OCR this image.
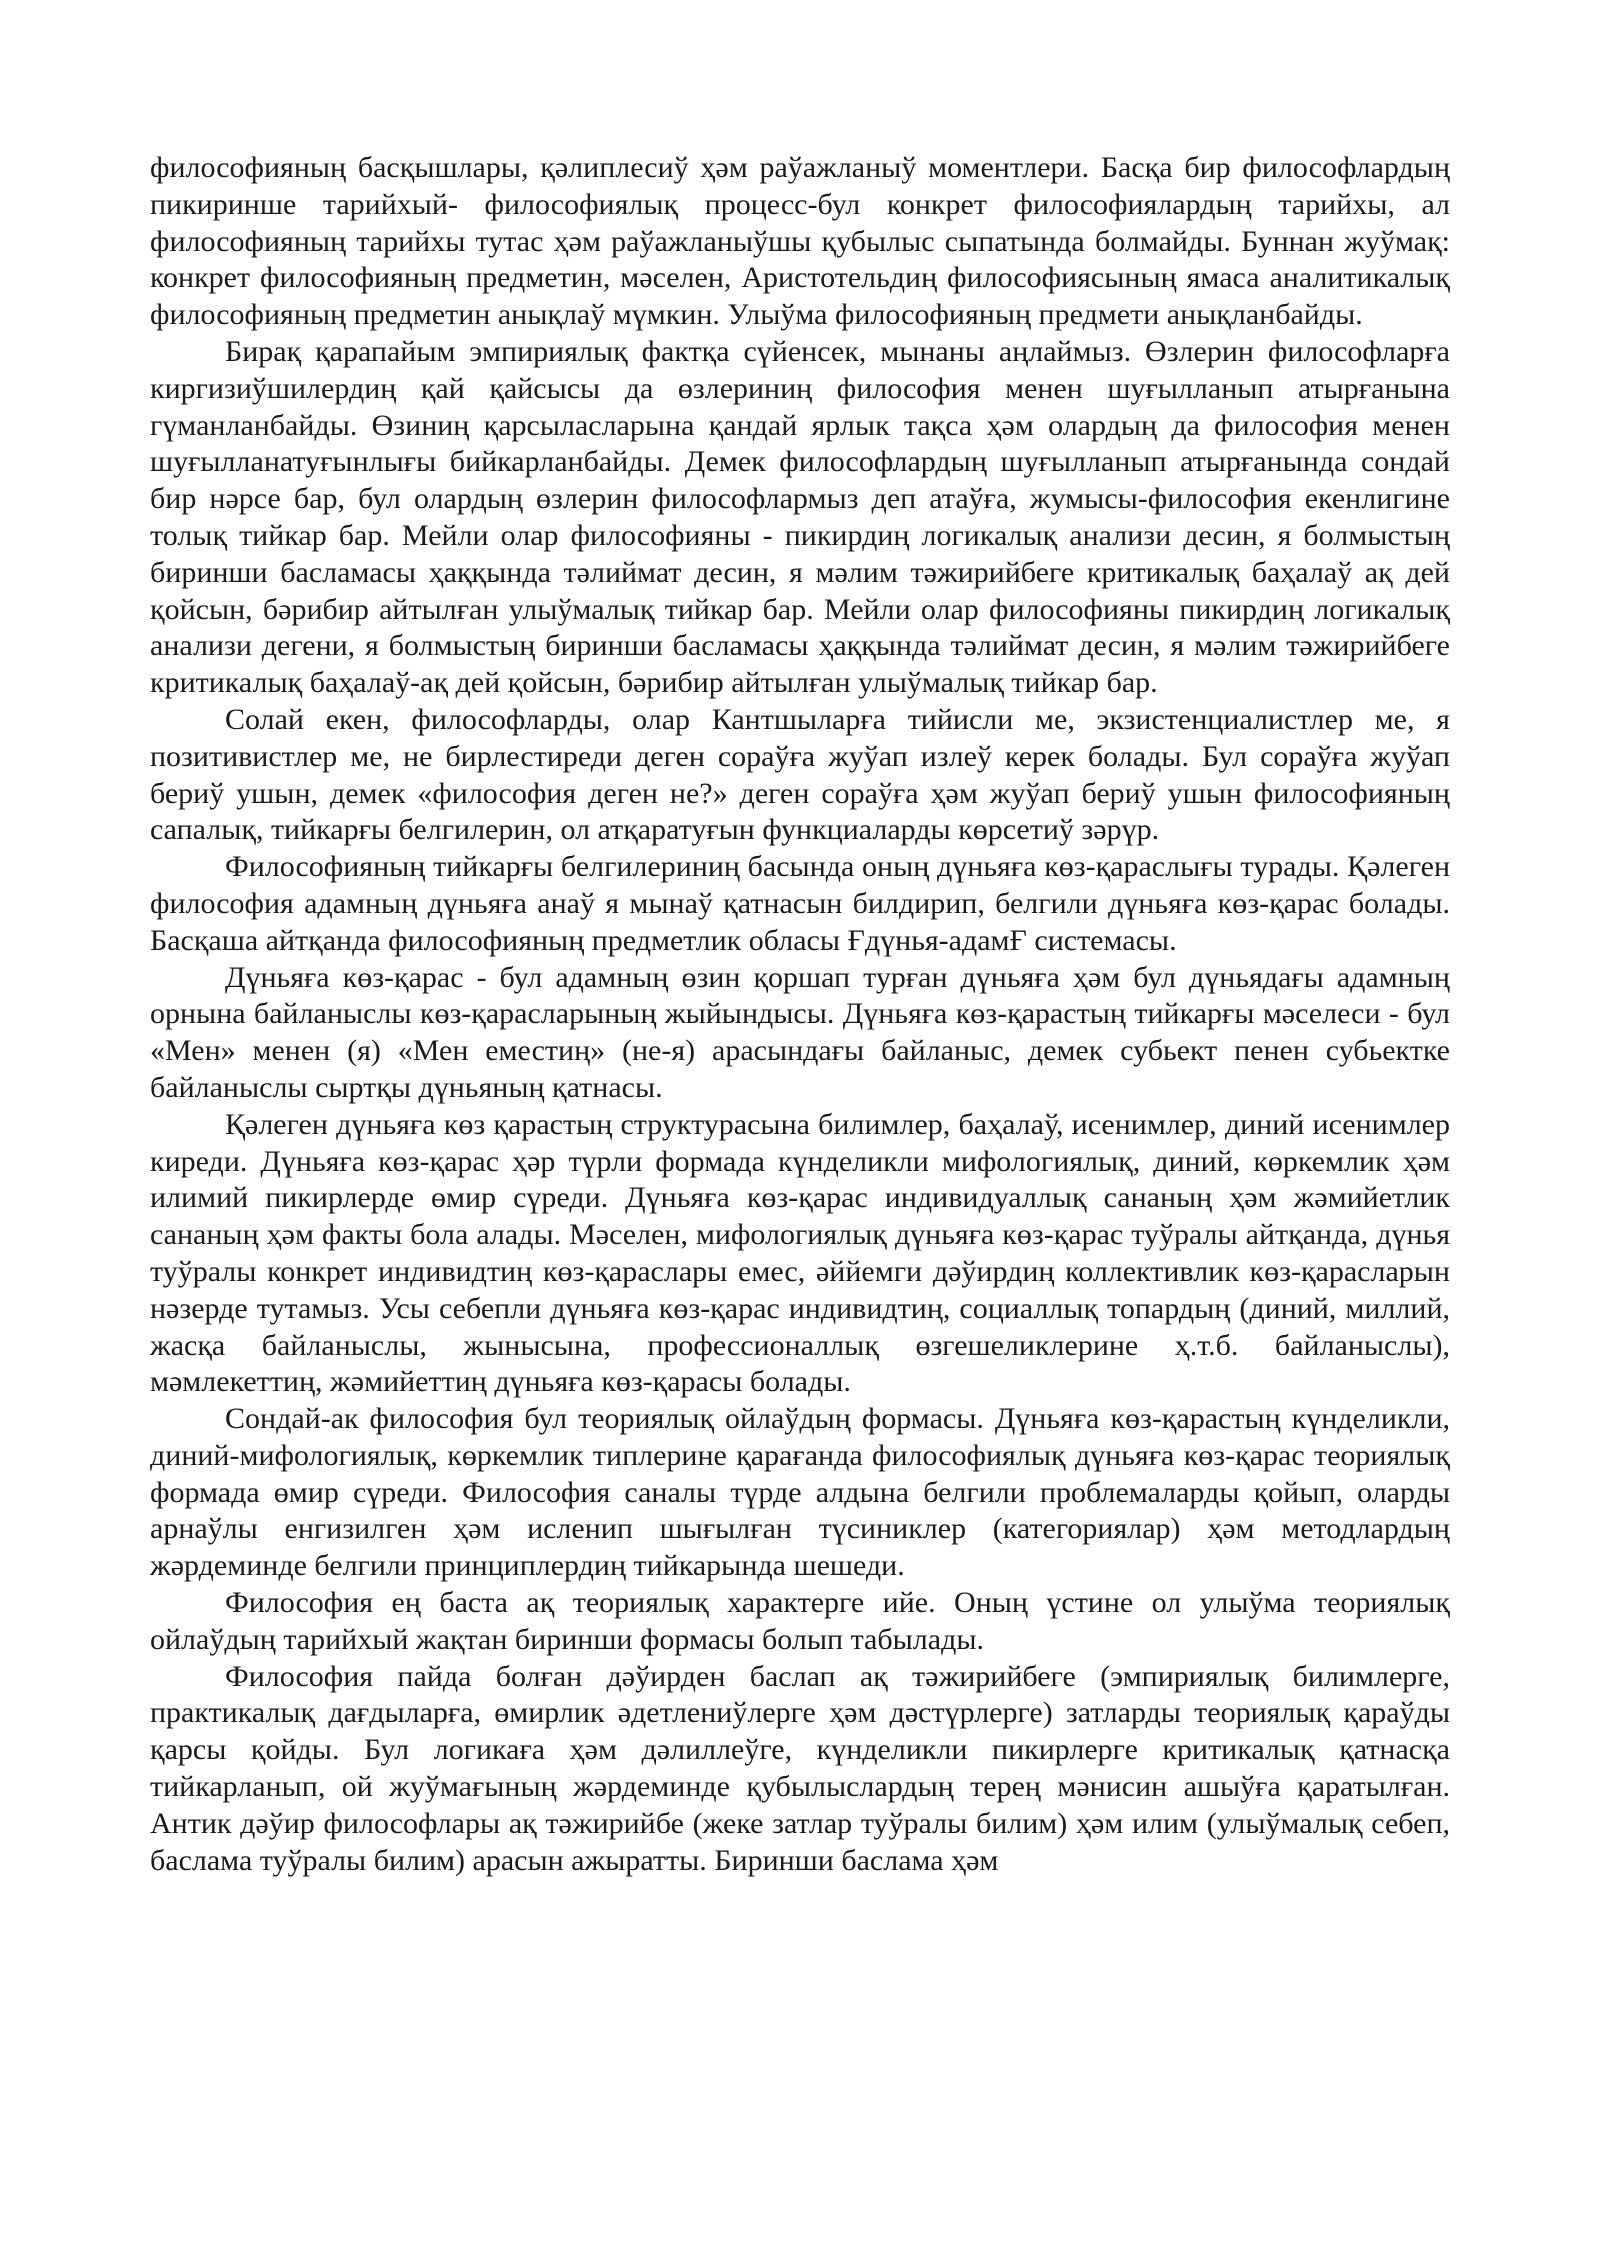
философияның басқышлары, қәлиплесиў ҳәм раўажланыў моментлери. Басқа бир философлардың пикиринше тарийхый- философиялық процесс-бул конкрет философиялардың тарийхы, ал философияның тарийхы тутас ҳәм раўажланыўшы қубылыс сыпатында болмайды. Буннан жуўмақ: конкрет философияның предметин, мәселен, Аристотельдиң философиясының ямаса аналитикалық философияның предметин анықлаў мүмкин. Улыўма философияның предмети анықланбайды.

Бирақ қарапайым эмпириялық фактқа сүйенсек, мынаны аңлаймыз. Өзлерин философларға киргизиўшилердиң қай қайсысы да өзлериниң философия менен шуғылланып атырғанына гүманланбайды. Өзиниң қарсыласларына қандай ярлык тақса ҳәм олардың да философия менен шуғылланатуғынлығы бийкарланбайды. Демек философлардың шуғылланып атырғанында сондай бир нәрсе бар, бул олардың өзлерин философлармыз деп атаўға, жумысы-философия екенлигине толық тийкар бар. Мейли олар философияны - пикирдиң логикалық анализи десин, я болмыстың биринши басламасы ҳаққында тәлиймат десин, я мәлим тәжирийбеге критикалық баҳалаў ақ дей қойсын, бәрибир айтылған улыўмалық тийкар бар. Мейли олар философияны пикирдиң логикалық анализи дегени, я болмыстың биринши басламасы ҳаққында тәлиймат десин, я мәлим тәжирийбеге критикалық баҳалаў-ақ дей қойсын, бәрибир айтылған улыўмалық тийкар бар.

Солай екен, философларды, олар Кантшыларға тийисли ме, экзистенциалистлер ме, я позитивистлер ме, не бирлестиреди деген сораўға жуўап излеў керек болады. Бул сораўға жуўап бериў ушын, демек «философия деген не?» деген сораўға ҳәм жуўап бериў ушын философияның сапалық, тийкарғы белгилерин, ол атқаратуғын функциаларды көрсетиў зәрүр.

Философияның тийкарғы белгилериниң басында оның дүньяға көз-қараслығы турады. Қәлеген философия адамның дүньяға анаў я мынаў қатнасын билдирип, белгили дүньяға көз-қарас болады. Басқаша айтқанда философияның предметлик обласы Ғдүнья-адамҒ системасы.

Дүньяға көз-қарас - бул адамның өзин қоршап турған дүньяға ҳәм бул дүньядағы адамның орнына байланыслы көз-қарасларының жыйындысы. Дүньяға көз-қарастың тийкарғы мәселеси - бул «Мен» менен (я) «Мен еместиң» (не-я) арасындағы байланыс, демек субьект пенен субьектке байланыслы сыртқы дүньяның қатнасы.

Қәлеген дүньяға көз қарастың структурасына билимлер, баҳалаў, исенимлер, диний исенимлер киреди. Дүньяға көз-қарас ҳәр түрли формада күнделикли мифологиялық, диний, көркемлик ҳәм илимий пикирлерде өмир сүреди. Дүньяға көз-қарас индивидуаллық сананың ҳәм жәмийетлик сананың ҳәм факты бола алады. Мәселен, мифологиялық дүньяға көз-қарас туўралы айтқанда, дүнья туўралы конкрет индивидтиң көз-қараслары емес, әййемги дәўирдиң коллективлик көз-қарасларын нәзерде тутамыз. Усы себепли дүньяға көз-қарас индивидтиң, социаллық топардың (диний, миллий, жасқа байланыслы, жынысына, профессионаллық өзгешеликлерине ҳ.т.б. байланыслы), мәмлекеттиң, жәмийеттиң дүньяға көз-қарасы болады.

Сондай-ак философия бул теориялық ойлаўдың формасы. Дүньяға көз-қарастың күнделикли, диний-мифологиялық, көркемлик типлерине қарағанда философиялық дүньяға көз-қарас теориялық формада өмир сүреди. Философия саналы түрде алдына белгили проблемаларды қойып, оларды арнаўлы енгизилген ҳәм исленип шығылған түсиниклер (категориялар) ҳәм методлардың жәрдеминде белгили принциплердиң тийкарында шешеди.

Философия ең баста ақ теориялық характерге ийе. Оның үстине ол улыўма теориялық ойлаўдың тарийхый жақтан биринши формасы болып табылады.

Философия пайда болған дәўирден баслап ақ тәжирийбеге (эмпириялық билимлерге, практикалық дағдыларға, өмирлик әдетлениўлерге ҳәм дәстүрлерге) затларды теориялық қараўды қарсы қойды. Бул логикаға ҳәм дәлиллеўге, күнделикли пикирлерге критикалық қатнасқа тийкарланып, ой жуўмағының жәрдеминде қубылыслардың терең мәнисин ашыўға қаратылған. Антик дәўир философлары ақ тәжирийбе (жеке затлар туўралы билим) ҳәм илим (улыўмалық себеп, баслама туўралы билим) арасын ажыратты. Биринши баслама ҳәм
